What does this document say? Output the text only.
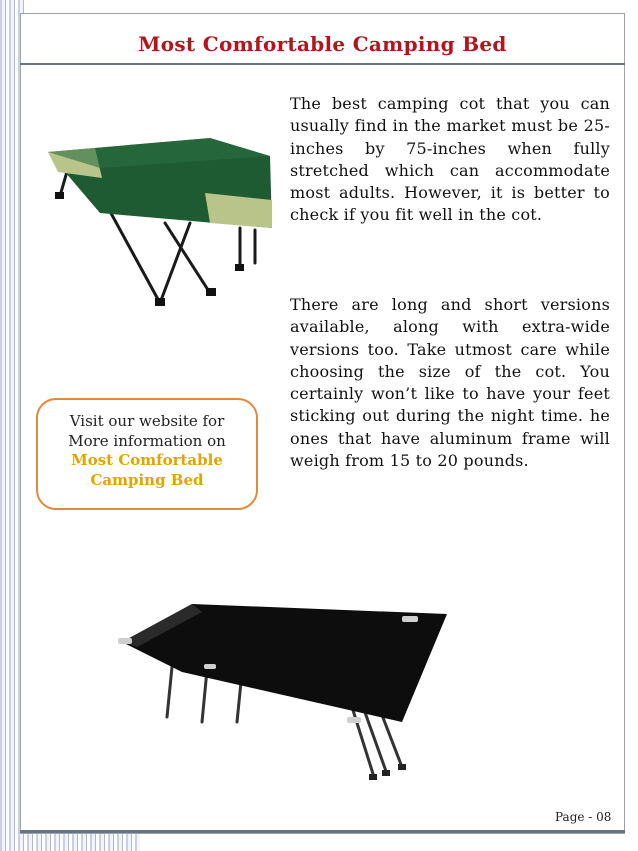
Most Comfortable Camping Bed

The best camping cot that you can usually find in the market must be 25-inches by 75-inches when fully stretched which can accommodate most adults. However, it is better to check if you fit well in the cot.

There are long and short versions available, along with extra-wide versions too. Take utmost care while choosing the size of the cot. You certainly won’t like to have your feet sticking out during the night time. he ones that have aluminum frame will weigh from 15 to 20 pounds.

Visit our website for
More information on
Most Comfortable
Camping Bed
Page - 08
